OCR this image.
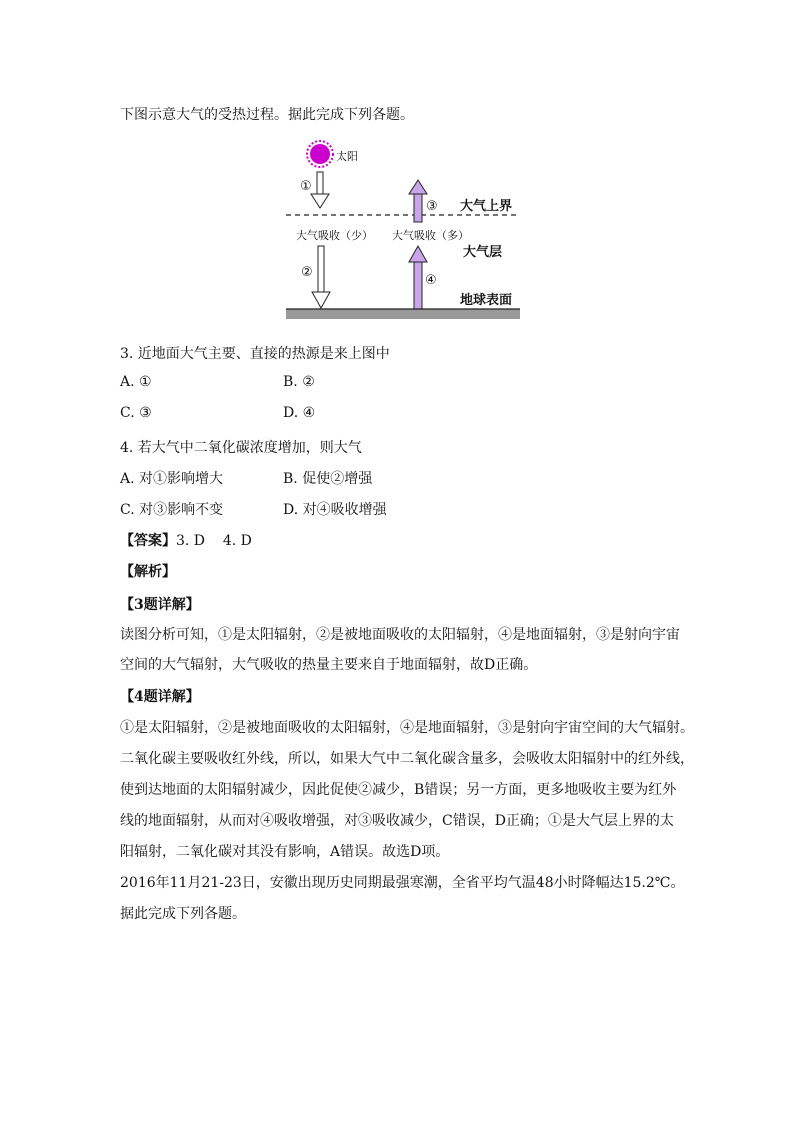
下图示意大气的受热过程。据此完成下列各题。
太阳
①
大气上界
③
大气吸收（少） 大气吸收（多）
大气层
②
④
地球表面
3. 近地面大气主要、直接的热源是来上图中
A. ①	B. ②
C. ③	D. ④
4. 若大气中二氧化碳浓度增加，则大气
A. 对①影响增大	B. 促使②增强
C. 对③影响不变	D. 对④吸收增强
【答案】3. D    4. D
【解析】
【3题详解】
读图分析可知，①是太阳辐射，②是被地面吸收的太阳辐射，④是地面辐射，③是射向宇宙
空间的大气辐射，大气吸收的热量主要来自于地面辐射，故D正确。
【4题详解】
①是太阳辐射，②是被地面吸收的太阳辐射，④是地面辐射，③是射向宇宙空间的大气辐射。
二氧化碳主要吸收红外线，所以，如果大气中二氧化碳含量多，会吸收太阳辐射中的红外线，
使到达地面的太阳辐射减少，因此促使②减少，B错误；另一方面，更多地吸收主要为红外
线的地面辐射，从而对④吸收增强，对③吸收减少，C错误，D正确；①是大气层上界的太
阳辐射，二氧化碳对其没有影响，A错误。故选D项。
2016年11月21-23日，安徽出现历史同期最强寒潮，全省平均气温48小时降幅达15.2℃。
据此完成下列各题。
